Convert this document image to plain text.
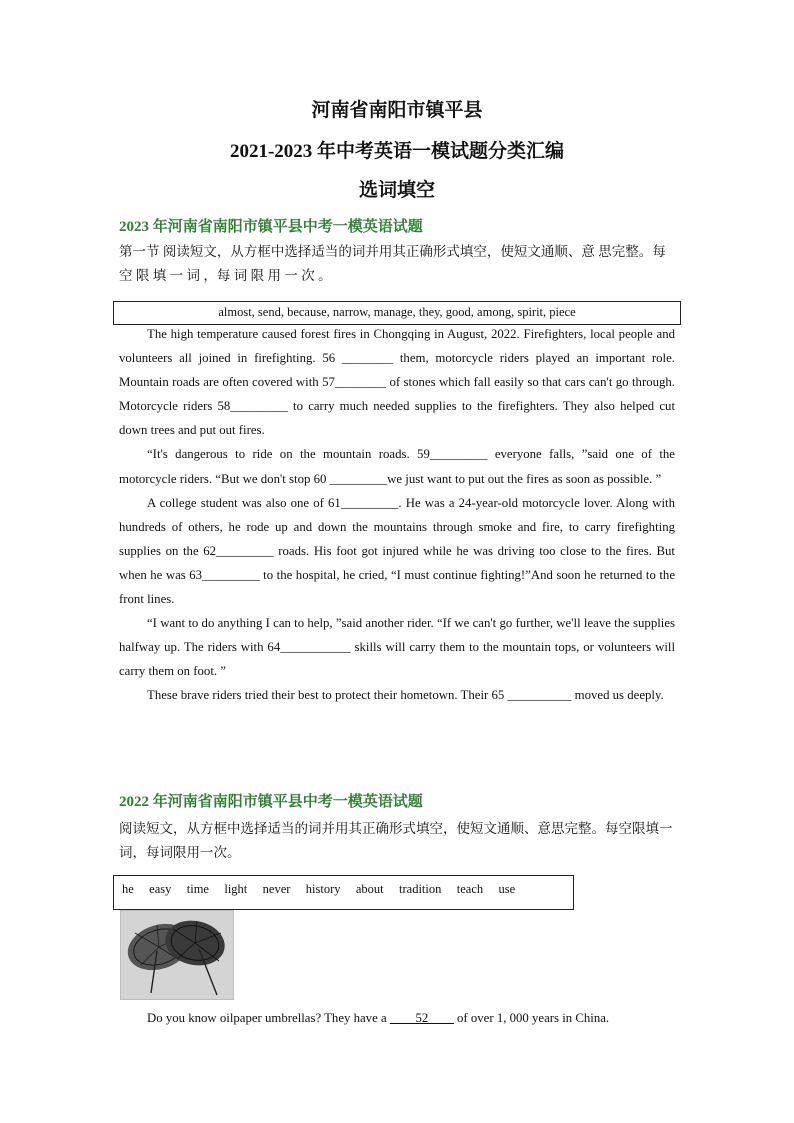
河南省南阳市镇平县
2021-2023 年中考英语一模试题分类汇编
选词填空
2023 年河南省南阳市镇平县中考一模英语试题

第一节 阅读短文，从方框中选择适当的词并用其正确形式填空，使短文通顺、意 思完整。每空 限 填 一 词 ，每 词 限 用 一 次 。

almost, send, because, narrow, manage, they, good, among, spirit, piece

The high temperature caused forest fires in Chongqing in August, 2022. Firefighters, local people and volunteers all joined in firefighting. 56 ________ them, motorcycle riders played an important role. Mountain roads are often covered with 57________ of stones which fall easily so that cars can't go through. Motorcycle riders 58_________ to carry much needed supplies to the firefighters. They also helped cut down trees and put out fires.

“It's dangerous to ride on the mountain roads. 59_________ everyone falls, ”said one of the motorcycle riders. “But we don't stop 60 _________we just want to put out the fires as soon as possible. ”

A college student was also one of 61_________. He was a 24-year-old motorcycle lover. Along with hundreds of others, he rode up and down the mountains through smoke and fire, to carry firefighting supplies on the 62_________ roads. His foot got injured while he was driving too close to the fires. But when he was 63_________ to the hospital, he cried, “I must continue fighting!”And soon he returned to the front lines.

“I want to do anything I can to help, ”said another rider. “If we can't go further, we'll leave the supplies halfway up. The riders with 64___________ skills will carry them to the mountain tops, or volunteers will carry them on foot. ”

These brave riders tried their best to protect their hometown. Their 65 __________ moved us deeply.

2022 年河南省南阳市镇平县中考一模英语试题

阅读短文，从方框中选择适当的词并用其正确形式填空，使短文通顺、意思完整。每空限填一词，每词限用一次。

he   easy   time   light   never   history   about   tradition   teach   use

Do you know oilpaper umbrellas? They have a ____52____ of over 1, 000 years in China.
